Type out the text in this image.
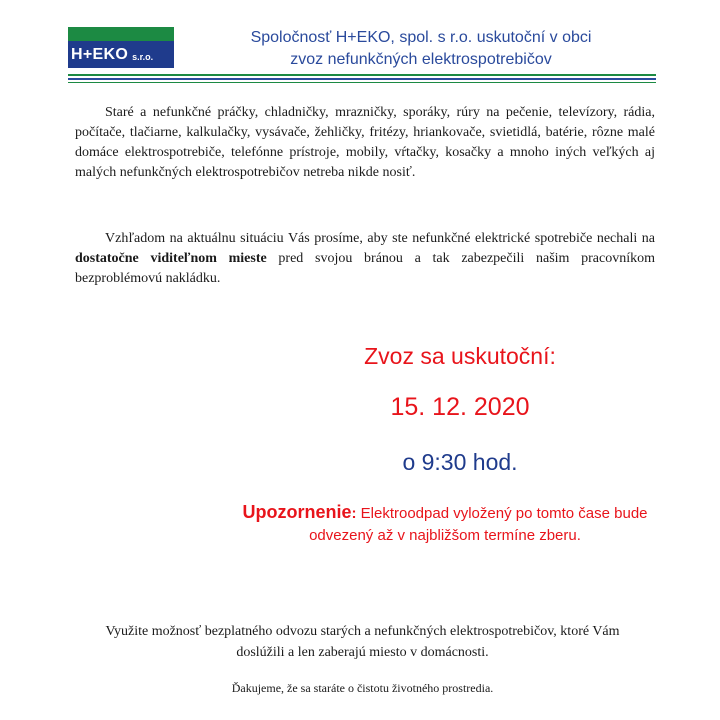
H+EKO s.r.o.
Spoločnosť H+EKO, spol. s r.o. uskutoční v obci
zvoz nefunkčných elektrospotrebičov

Staré a nefunkčné práčky, chladničky, mrazničky, sporáky, rúry na pečenie, televízory, rádia, počítače, tlačiarne, kalkulačky, vysávače, žehličky, fritézy, hriankovače, svietidlá, batérie, rôzne malé domáce elektrospotrebiče, telefónne prístroje, mobily, vŕtačky, kosačky a mnoho iných veľkých aj malých nefunkčných elektrospotrebičov netreba nikde nosiť.

Vzhľadom na aktuálnu situáciu Vás prosíme, aby ste nefunkčné elektrické spotrebiče nechali na dostatočne viditeľnom mieste pred svojou bránou a tak zabezpečili našim pracovníkom bezproblémovú nakládku.

Zvoz sa uskutoční:
15. 12. 2020
o 9:30 hod.

Upozornenie: Elektroodpad vyložený po tomto čase bude odvezený až v najbližšom termíne zberu.

Využite možnosť bezplatného odvozu starých a nefunkčných elektrospotrebičov, ktoré Vám doslúžili a len zaberajú miesto v domácnosti.

Ďakujeme, že sa staráte o čistotu životného prostredia.
